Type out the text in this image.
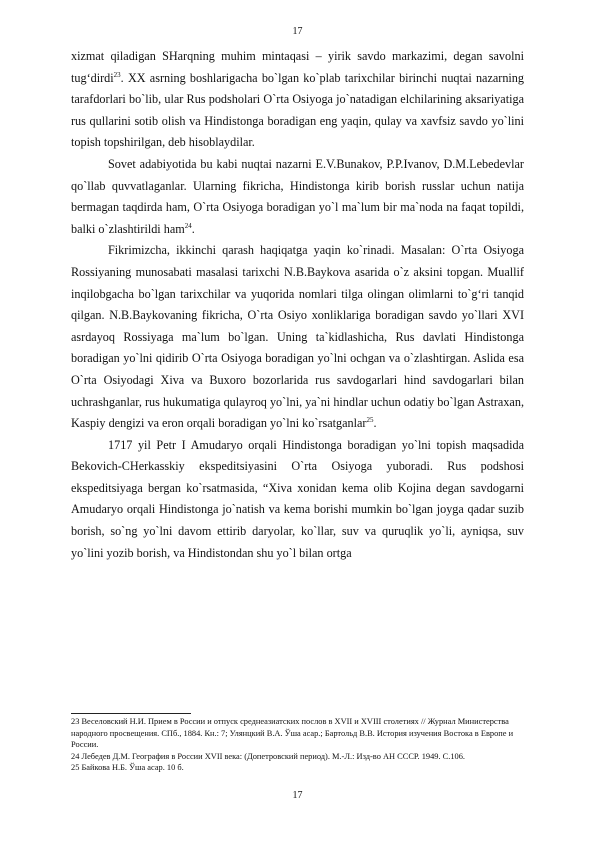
17

xizmat qiladigan SHarqning muhim mintaqasi – yirik savdo markazimi, degan savolni tug‘dirdi$^{23}$. XX asrning boshlarigacha bo`lgan ko`plab tarixchilar birinchi nuqtai nazarning tarafdorlari bo`lib, ular Rus podsholari O`rta Osiyoga jo`natadigan elchilarining aksariyatiga rus qullarini sotib olish va Hindistonga boradigan eng yaqin, qulay va xavfsiz savdo yo`lini topish topshirilgan, deb hisoblaydilar.

Sovet adabiyotida bu kabi nuqtai nazarni E.V.Bunakov, P.P.Ivanov, D.M.Lebedevlar qo`llab quvvatlaganlar. Ularning fikricha, Hindistonga kirib borish russlar uchun natija bermagan taqdirda ham, O`rta Osiyoga boradigan yo`l ma`lum bir ma`noda na faqat topildi, balki o`zlashtirildi ham$^{24}$.

Fikrimizcha, ikkinchi qarash haqiqatga yaqin ko`rinadi. Masalan: O`rta Osiyoga Rossiyaning munosabati masalasi tarixchi N.B.Baykova asarida o`z aksini topgan. Muallif inqilobgacha bo`lgan tarixchilar va yuqorida nomlari tilga olingan olimlarni to`g‘ri tanqid qilgan. N.B.Baykovaning fikricha, O`rta Osiyo xonliklariga boradigan savdo yo`llari XVI asrdayoq Rossiyaga ma`lum bo`lgan. Uning ta`kidlashicha, Rus davlati Hindistonga boradigan yo`lni qidirib O`rta Osiyoga boradigan yo`lni ochgan va o`zlashtirgan. Aslida esa O`rta Osiyodagi Xiva va Buxoro bozorlarida rus savdogarlari hind savdogarlari bilan uchrashganlar, rus hukumatiga qulayroq yo`lni, ya`ni hindlar uchun odatiy bo`lgan Astraxan, Kaspiy dengizi va eron orqali boradigan yo`lni ko`rsatganlar$^{25}$.

1717 yil Petr I Amudaryo orqali Hindistonga boradigan yo`lni topish maqsadida Bekovich-CHerkasskiy ekspeditsiyasini O`rta Osiyoga yuboradi. Rus podshosi ekspeditsiyaga bergan ko`rsatmasida, “Xiva xonidan kema olib Kojina degan savdogarni Amudaryo orqali Hindistonga jo`natish va kema borishi mumkin bo`lgan joyga qadar suzib borish, so`ng yo`lni davom ettirib daryolar, ko`llar, suv va quruqlik yo`li, ayniqsa, suv yo`lini yozib borish, va Hindistondan shu yo`l bilan ortga

23 Веселовский Н.И. Прием в России и отпуск среднеазиатских послов в XVII и XVIII столетиях // Журнал Министерства народного просвещения. СПб., 1884. Кн.: 7; Улянцкий В.А. Ўша асар.; Бартольд В.В. История изучения Востока в Европе и России.

24 Лебедев Д.М. География в России XVII века: (Допетровский период). М.-Л.: Изд-во АН СССР. 1949. С.106.

25 Байкова Н.Б. Ўша асар. 10 б.

17
